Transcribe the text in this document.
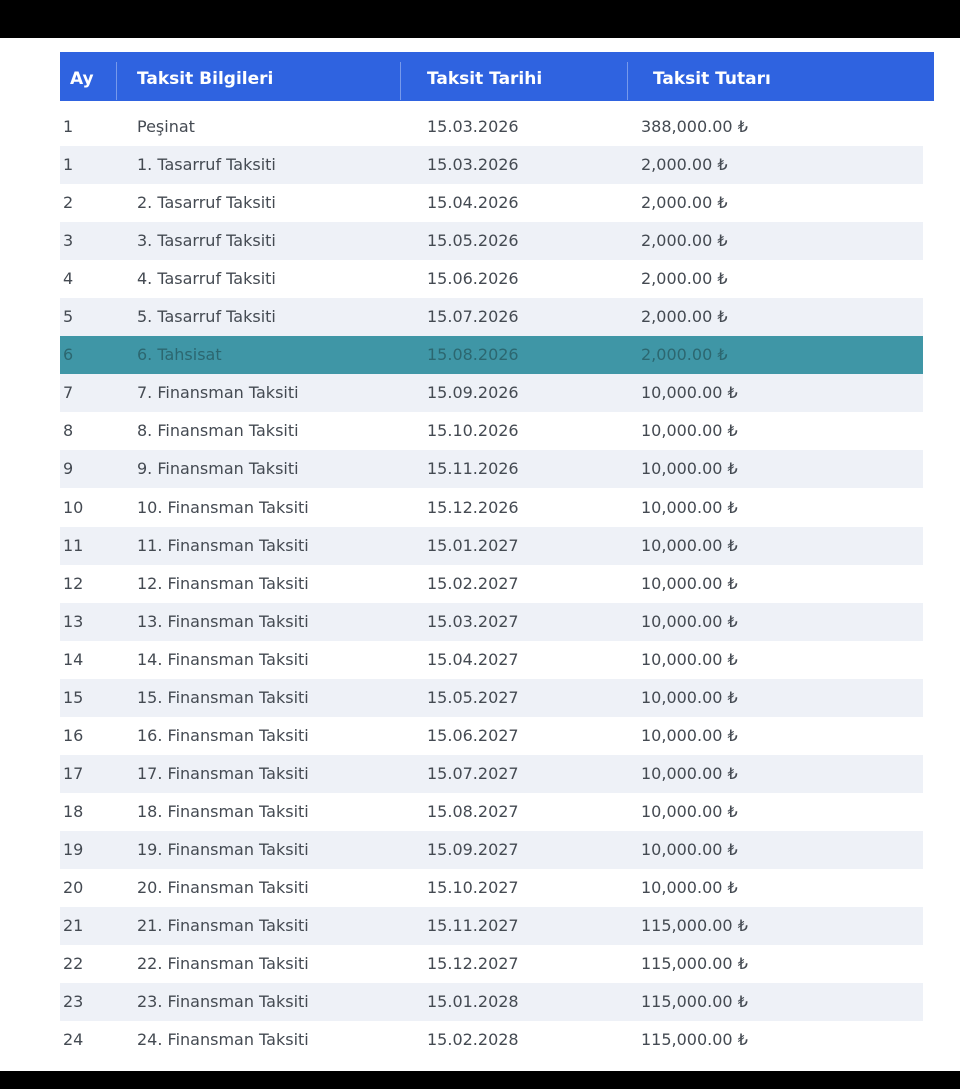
Ay	Taksit Bilgileri	Taksit Tarihi	Taksit Tutarı
1	Peşinat	15.03.2026	388,000.00 ₺
1	1. Tasarruf Taksiti	15.03.2026	2,000.00 ₺
2	2. Tasarruf Taksiti	15.04.2026	2,000.00 ₺
3	3. Tasarruf Taksiti	15.05.2026	2,000.00 ₺
4	4. Tasarruf Taksiti	15.06.2026	2,000.00 ₺
5	5. Tasarruf Taksiti	15.07.2026	2,000.00 ₺
6	6. Tahsisat	15.08.2026	2,000.00 ₺
7	7. Finansman Taksiti	15.09.2026	10,000.00 ₺
8	8. Finansman Taksiti	15.10.2026	10,000.00 ₺
9	9. Finansman Taksiti	15.11.2026	10,000.00 ₺
10	10. Finansman Taksiti	15.12.2026	10,000.00 ₺
11	11. Finansman Taksiti	15.01.2027	10,000.00 ₺
12	12. Finansman Taksiti	15.02.2027	10,000.00 ₺
13	13. Finansman Taksiti	15.03.2027	10,000.00 ₺
14	14. Finansman Taksiti	15.04.2027	10,000.00 ₺
15	15. Finansman Taksiti	15.05.2027	10,000.00 ₺
16	16. Finansman Taksiti	15.06.2027	10,000.00 ₺
17	17. Finansman Taksiti	15.07.2027	10,000.00 ₺
18	18. Finansman Taksiti	15.08.2027	10,000.00 ₺
19	19. Finansman Taksiti	15.09.2027	10,000.00 ₺
20	20. Finansman Taksiti	15.10.2027	10,000.00 ₺
21	21. Finansman Taksiti	15.11.2027	115,000.00 ₺
22	22. Finansman Taksiti	15.12.2027	115,000.00 ₺
23	23. Finansman Taksiti	15.01.2028	115,000.00 ₺
24	24. Finansman Taksiti	15.02.2028	115,000.00 ₺
